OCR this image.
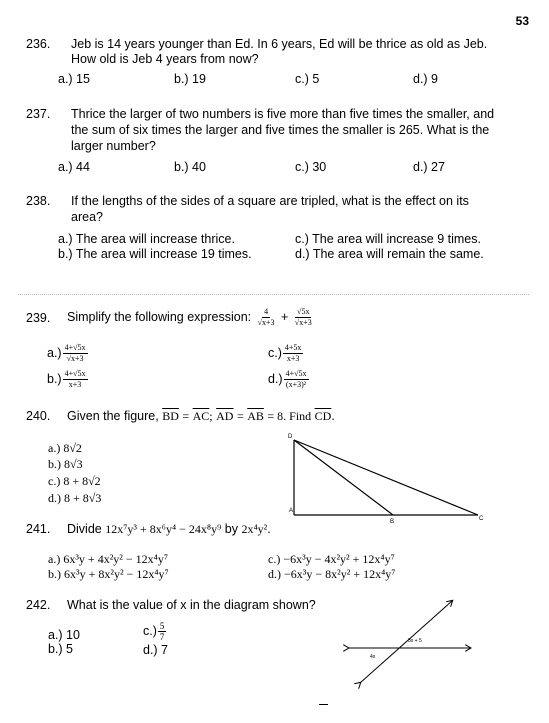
53
236. Jeb is 14 years younger than Ed. In 6 years, Ed will be thrice as old as Jeb.
How old is Jeb 4 years from now?
a.) 15	b.) 19	c.) 5	d.) 9
237. Thrice the larger of two numbers is five more than five times the smaller, and
the sum of six times the larger and five times the smaller is 265. What is the
larger number?
a.) 44	b.) 40	c.) 30	d.) 27
238. If the lengths of the sides of a square are tripled, what is the effect on its
area?
a.) The area will increase thrice.
b.) The area will increase 19 times.
c.) The area will increase 9 times.
d.) The area will remain the same.
239. Simplify the following expression: $\frac{4}{√x+3} + \frac{√5x}{√x+3}$
$a.) \frac{4+√5x}{√x+3}$
$b.) \frac{4+√5x}{x+3}$
$c.) \frac{4+5x}{x+3}$
$d.) \frac{4+√5x}{\text{(x+3)²}}$
240. Given the figure, $\overline{BD} = \overline{AC}$; $\overline{AD} = \overline{AB} = 8$. Find $\overline{CD}$.
a.) 8√2
b.) 8√3
c.) 8 + 8√2
d.) 8 + 8√3
D
A
B	C
241. Divide 12x⁷y³ + 8x⁶y⁴ − 24x⁸y⁹ by 2x⁴y².
a.) 6x³y + 4x²y² − 12x⁴y⁷
b.) 6x³y + 8x²y² − 12x⁴y⁷
c.) −6x³y − 4x²y² + 12x⁴y⁷
d.) −6x³y − 8x²y² + 12x⁴y⁷
242. What is the value of x in the diagram shown?
a.) 10
b.) 5
$c.) \frac{5}{7}$
d.) 7
3x + 5
4x
